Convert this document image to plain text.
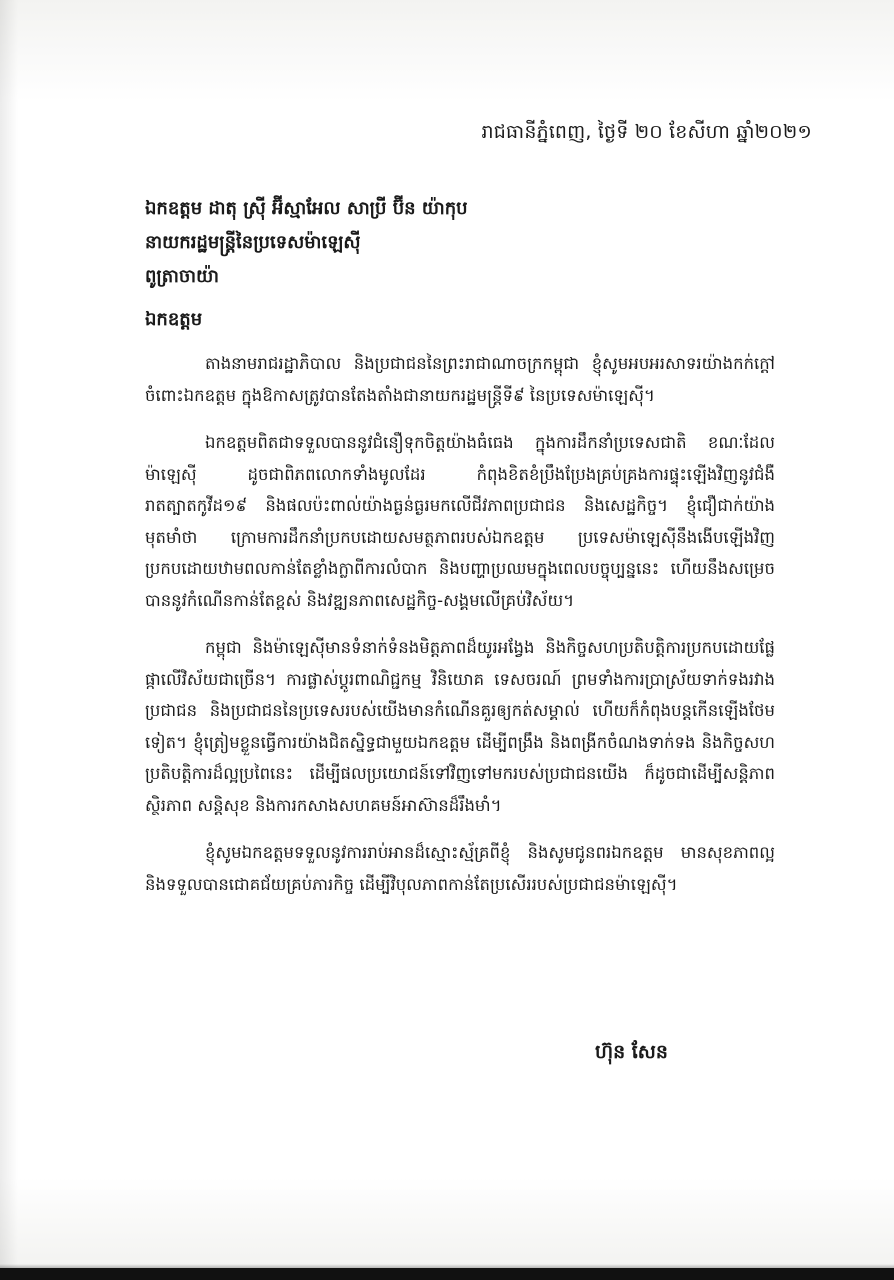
រាជធានីភ្នំពេញ, ថ្ងៃទី ២០ ខែសីហា ឆ្នាំ២០២១
ឯកឧត្តម ដាតុ ស្រ៊ី អ៊ីស្មាអែល សាប្រី ប៊ីន យ៉ាកុប
នាយករដ្ឋមន្ត្រីនៃប្រទេសម៉ាឡេស៊ី
ពូត្រាចាយ៉ា
ឯកឧត្តម

តាងនាមរាជរដ្ឋាភិបាល និងប្រជាជននៃព្រះរាជាណាចក្រកម្ពុជា ខ្ញុំសូមអបអរសាទរយ៉ាងកក់ក្តៅចំពោះឯកឧត្តម ក្នុងឱកាសត្រូវបានតែងតាំងជានាយករដ្ឋមន្ត្រីទី៩ នៃប្រទេសម៉ាឡេស៊ី។

ឯកឧត្តមពិតជាទទួលបាននូវជំនឿទុកចិត្តយ៉ាងធំធេង ក្នុងការដឹកនាំប្រទេសជាតិ ខណៈដែលម៉ាឡេស៊ី ដូចជាពិភពលោកទាំងមូលដែរ កំពុងខិតខំប្រឹងប្រែងគ្រប់គ្រងការផ្ទុះឡើងវិញនូវជំងឺរាតត្បាតកូវីដ១៩ និងផលប៉ះពាល់យ៉ាងធ្ងន់ធ្ងរមកលើជីវភាពប្រជាជន និងសេដ្ឋកិច្ច។ ខ្ញុំជឿជាក់យ៉ាងមុតមាំថា ក្រោមការដឹកនាំប្រកបដោយសមត្ថភាពរបស់ឯកឧត្តម ប្រទេសម៉ាឡេស៊ីនឹងងើបឡើងវិញប្រកបដោយឋាមពលកាន់តែខ្លាំងក្លាពីការលំបាក និងបញ្ហាប្រឈមក្នុងពេលបច្ចុប្បន្ននេះ ហើយនឹងសម្រេចបាននូវកំណើនកាន់តែខ្ពស់ និងវឌ្ឍនភាពសេដ្ឋកិច្ច-សង្គមលើគ្រប់វិស័យ។

កម្ពុជា និងម៉ាឡេស៊ីមានទំនាក់ទំនងមិត្តភាពដ៏យូរអង្វែង និងកិច្ចសហប្រតិបត្តិការប្រកបដោយផ្លែផ្កាលើវិស័យជាច្រើន។ ការផ្លាស់ប្តូរពាណិជ្ជកម្ម វិនិយោគ ទេសចរណ៍ ព្រមទាំងការប្រាស្រ័យទាក់ទងរវាងប្រជាជន និងប្រជាជននៃប្រទេសរបស់យើងមានកំណើនគួរឲ្យកត់សម្គាល់ ហើយក៏កំពុងបន្តកើនឡើងថែមទៀត។ ខ្ញុំត្រៀមខ្លួនធ្វើការយ៉ាងជិតស្និទ្ធជាមួយឯកឧត្តម ដើម្បីពង្រឹង និងពង្រីកចំណងទាក់ទង និងកិច្ចសហប្រតិបត្តិការដ៏ល្អប្រពៃនេះ ដើម្បីផលប្រយោជន៍ទៅវិញទៅមករបស់ប្រជាជនយើង ក៏ដូចជាដើម្បីសន្តិភាព ស្ថិរភាព សន្តិសុខ និងការកសាងសហគមន៍អាស៊ានដ៏រឹងមាំ។

ខ្ញុំសូមឯកឧត្តមទទួលនូវការរាប់អានដ៏ស្មោះស្ម័គ្រពីខ្ញុំ និងសូមជូនពរឯកឧត្តម មានសុខភាពល្អ និងទទួលបានជោគជ័យគ្រប់ភារកិច្ច ដើម្បីវិបុលភាពកាន់តែប្រសើររបស់ប្រជាជនម៉ាឡេស៊ី។

ហ៊ុន សែន
